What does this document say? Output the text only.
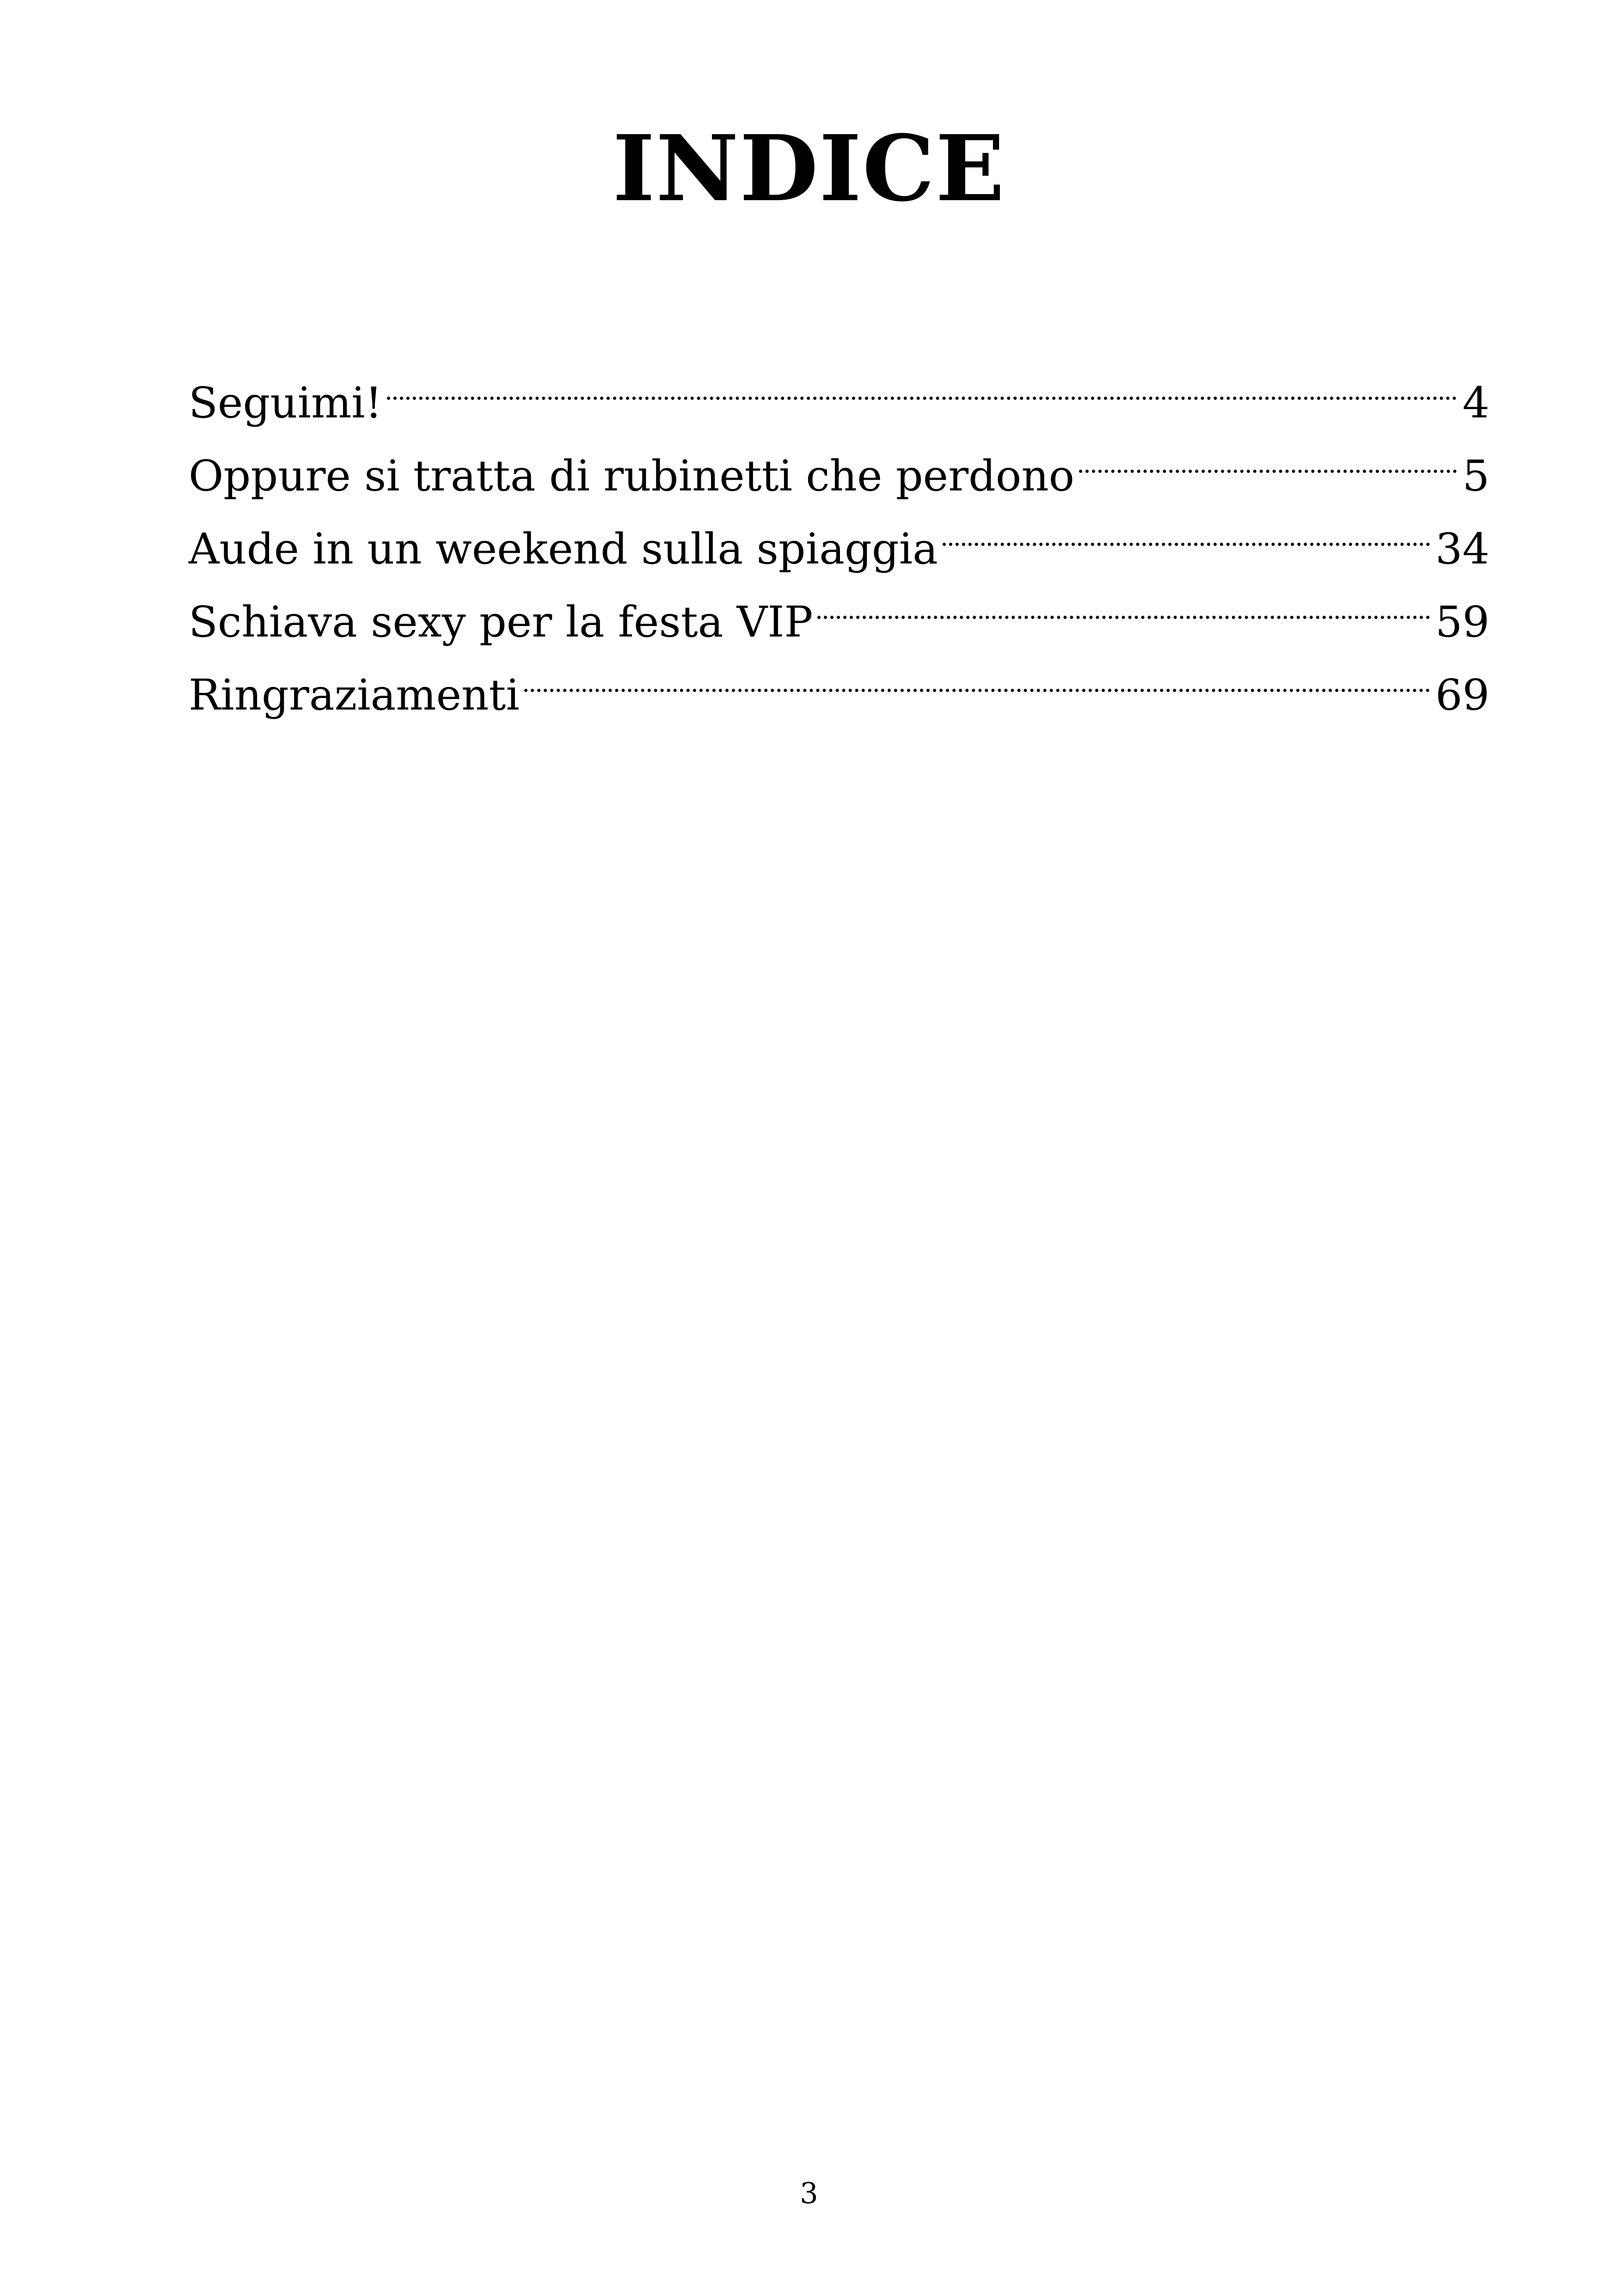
INDICE
Seguimi!	4
Oppure si tratta di rubinetti che perdono	5
Aude in un weekend sulla spiaggia	34
Schiava sexy per la festa VIP	59
Ringraziamenti	69
3
